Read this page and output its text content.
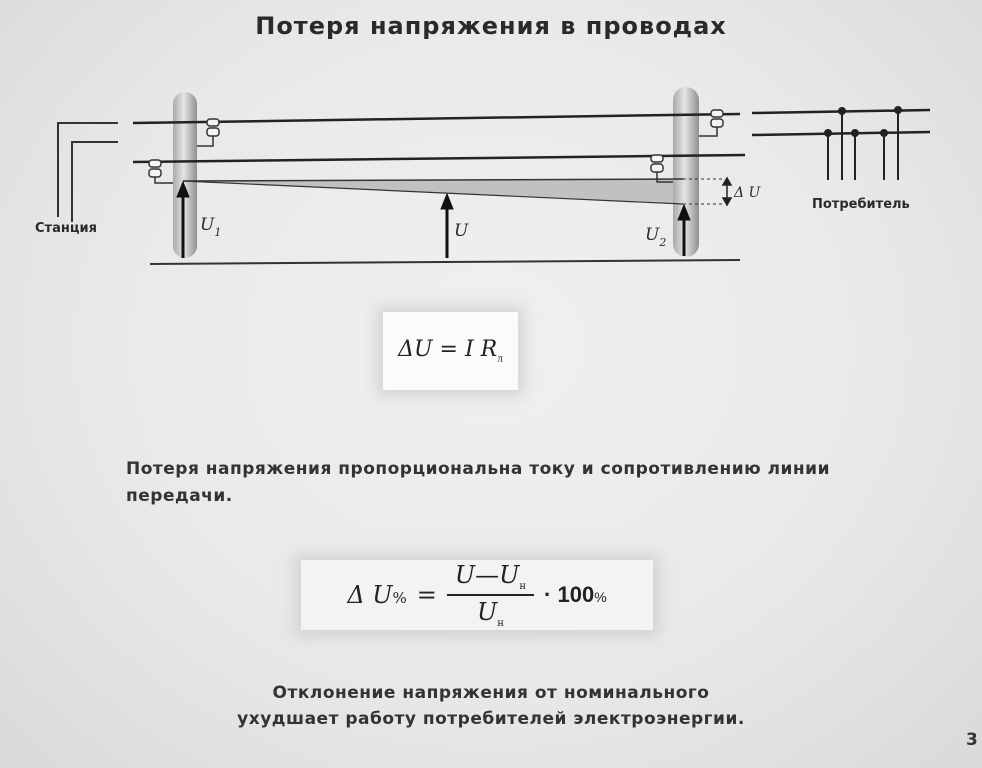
Потеря напряжения в проводах
Станция
Потребитель
Δ U
$U_1$	U	$U_2$
ΔU = I $R_л$
Потеря напряжения пропорциональна току и сопротивлению линии передачи.
Δ $U\% = \frac{U—U_н}{U_н} \cdot 100\%$
Отклонение напряжения от номинального
ухудшает работу потребителей электроэнергии.
3
